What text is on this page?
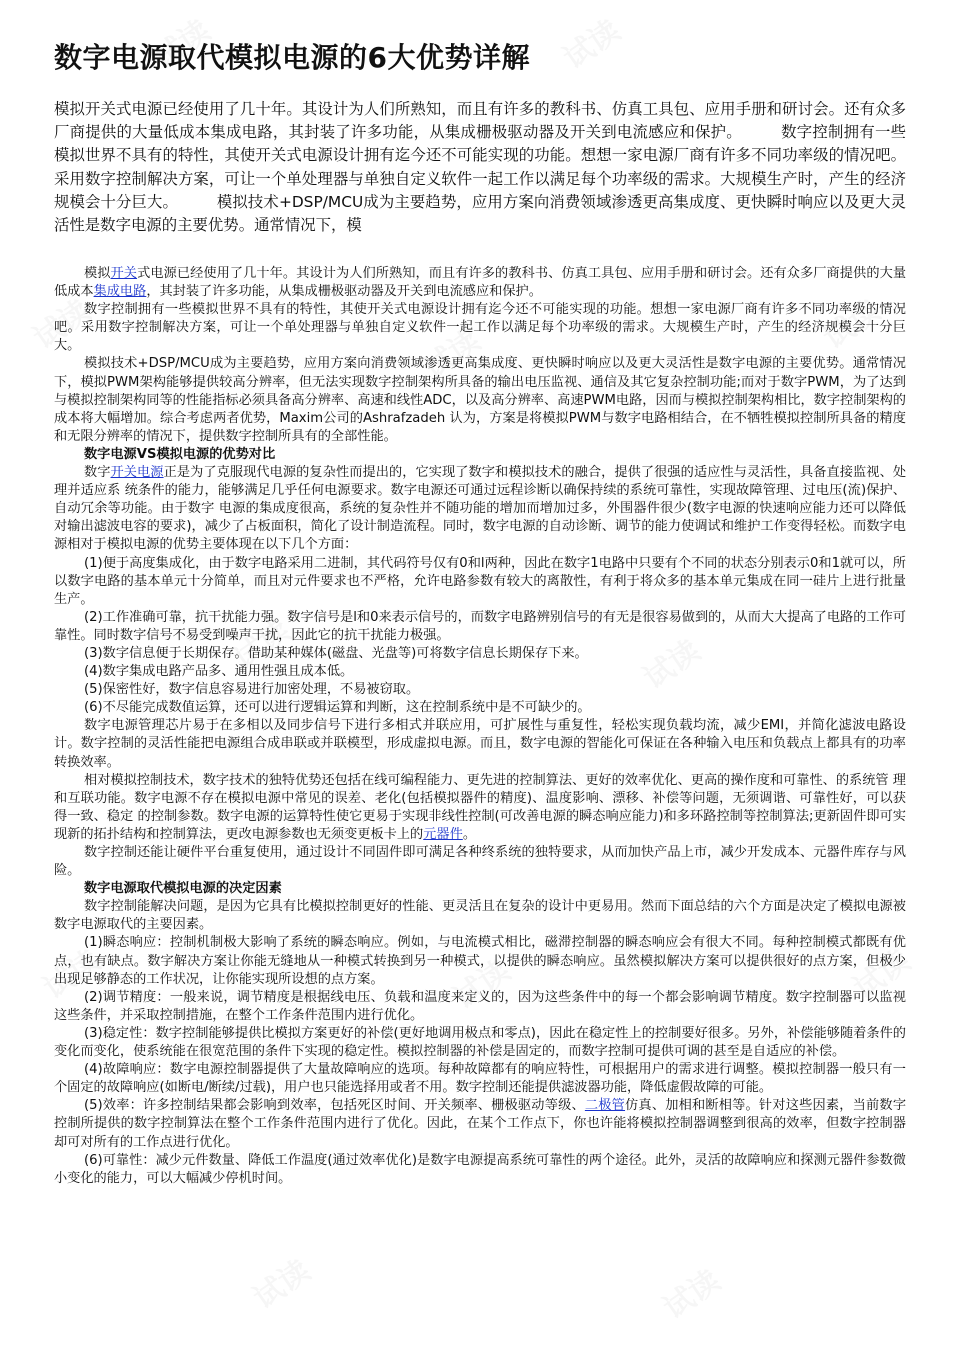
数字电源取代模拟电源的6大优势详解

模拟开关式电源已经使用了几十年。其设计为人们所熟知，而且有许多的教科书、仿真工具包、应用手册和研讨会。还有众多厂商提供的大量低成本集成电路，其封装了许多功能，从集成栅极驱动器及开关到电流感应和保护。　　　	数字控制拥有一些模拟世界不具有的特性，其使开关式电源设计拥有迄今还不可能实现的功能。想想一家电源厂商有许多不同功率级的情况吧。采用数字控制解决方案，可让一个单处理器与单独自定义软件一起工作以满足每个功率级的需求。大规模生产时，产生的经济规模会十分巨大。　　　	模拟技术+DSP/MCU成为主要趋势，应用方案向消费领域渗透更高集成度、更快瞬时响应以及更大灵活性是数字电源的主要优势。通常情况下，模

模拟开关式电源已经使用了几十年。其设计为人们所熟知，而且有许多的教科书、仿真工具包、应用手册和研讨会。还有众多厂商提供的大量低成本集成电路，其封装了许多功能，从集成栅极驱动器及开关到电流感应和保护。

数字控制拥有一些模拟世界不具有的特性，其使开关式电源设计拥有迄今还不可能实现的功能。想想一家电源厂商有许多不同功率级的情况吧。采用数字控制解决方案，可让一个单处理器与单独自定义软件一起工作以满足每个功率级的需求。大规模生产时，产生的经济规模会十分巨大。

模拟技术+DSP/MCU成为主要趋势，应用方案向消费领域渗透更高集成度、更快瞬时响应以及更大灵活性是数字电源的主要优势。通常情况下，模拟PWM架构能够提供较高分辨率，但无法实现数字控制架构所具备的输出电压监视、通信及其它复杂控制功能;而对于数字PWM，为了达到与模拟控制架构同等的性能指标必须具备高分辨率、高速和线性ADC，以及高分辨率、高速PWM电路，因而与模拟控制架构相比，数字控制架构的成本将大幅增加。综合考虑两者优势，Maxim公司的Ashrafzadeh 认为，方案是将模拟PWM与数字电路相结合，在不牺牲模拟控制所具备的精度和无限分辨率的情况下，提供数字控制所具有的全部性能。

数字电源VS模拟电源的优势对比

数字开关电源正是为了克服现代电源的复杂性而提出的，它实现了数字和模拟技术的融合，提供了很强的适应性与灵活性，具备直接监视、处理并适应系 统条件的能力，能够满足几乎任何电源要求。数字电源还可通过远程诊断以确保持续的系统可靠性，实现故障管理、过电压(流)保护、自动冗余等功能。由于数字 电源的集成度很高，系统的复杂性并不随功能的增加而增加过多，外围器件很少(数字电源的快速响应能力还可以降低对输出滤波电容的要求)，减少了占板面积，简化了设计制造流程。同时，数字电源的自动诊断、调节的能力使调试和维护工作变得轻松。而数字电源相对于模拟电源的优势主要体现在以下几个方面：

(1)便于高度集成化，由于数字电路采用二进制，其代码符号仅有0和l两种，因此在数字1电路中只要有个不同的状态分别表示0和1就可以，所以数字电路的基本单元十分简单，而且对元件要求也不严格，允许电路参数有较大的离散性，有利于将众多的基本单元集成在同一硅片上进行批量生产。

(2)工作准确可靠，抗干扰能力强。数字信号是l和0来表示信号的，而数字电路辨别信号的有无是很容易做到的，从而大大提高了电路的工作可靠性。同时数字信号不易受到噪声干扰，因此它的抗干扰能力极强。

(3)数字信息便于长期保存。借助某种媒体(磁盘、光盘等)可将数字信息长期保存下来。

(4)数字集成电路产品多、通用性强且成本低。

(5)保密性好，数字信息容易进行加密处理，不易被窃取。

(6)不尽能完成数值运算，还可以进行逻辑运算和判断，这在控制系统中是不可缺少的。

数字电源管理芯片易于在多相以及同步信号下进行多相式并联应用，可扩展性与重复性，轻松实现负载均流，减少EMI，并简化滤波电路设 计。数字控制的灵活性能把电源组合成串联或并联模型，形成虚拟电源。而且，数字电源的智能化可保证在各种输入电压和负载点上都具有的功率转换效率。

相对模拟控制技术，数字技术的独特优势还包括在线可编程能力、更先进的控制算法、更好的效率优化、更高的操作度和可靠性、的系统管 理和互联功能。数字电源不存在模拟电源中常见的误差、老化(包括模拟器件的精度)、温度影响、漂移、补偿等问题，无须调谐、可靠性好，可以获得一致、稳定 的控制参数。数字电源的运算特性使它更易于实现非线性控制(可改善电源的瞬态响应能力)和多环路控制等控制算法;更新固件即可实现新的拓扑结构和控制算法，更改电源参数也无须变更板卡上的元器件。

数字控制还能让硬件平台重复使用，通过设计不同固件即可满足各种终系统的独特要求，从而加快产品上市，减少开发成本、元器件库存与风险。

数字电源取代模拟电源的决定因素

数字控制能解决问题，是因为它具有比模拟控制更好的性能、更灵活且在复杂的设计中更易用。然而下面总结的六个方面是决定了模拟电源被数字电源取代的主要因素。

(1)瞬态响应：控制机制极大影响了系统的瞬态响应。例如，与电流模式相比，磁滞控制器的瞬态响应会有很大不同。每种控制模式都既有优点，也有缺点。数字解决方案让你能无缝地从一种模式转换到另一种模式，以提供的瞬态响应。虽然模拟解决方案可以提供很好的点方案，但极少出现足够静态的工作状况，让你能实现所设想的点方案。

(2)调节精度：一般来说，调节精度是根据线电压、负载和温度来定义的，因为这些条件中的每一个都会影响调节精度。数字控制器可以监视这些条件，并采取控制措施，在整个工作条件范围内进行优化。

(3)稳定性：数字控制能够提供比模拟方案更好的补偿(更好地调用极点和零点)，因此在稳定性上的控制要好很多。另外，补偿能够随着条件的变化而变化，使系统能在很宽范围的条件下实现的稳定性。模拟控制器的补偿是固定的，而数字控制可提供可调的甚至是自适应的补偿。

(4)故障响应：数字电源控制器提供了大量故障响应的选项。每种故障都有的响应特性，可根据用户的需求进行调整。模拟控制器一般只有一个固定的故障响应(如断电/断续/过载)，用户也只能选择用或者不用。数字控制还能提供滤波器功能，降低虚假故障的可能。

(5)效率：许多控制结果都会影响到效率，包括死区时间、开关频率、栅极驱动等级、二极管仿真、加相和断相等。针对这些因素，当前数字控制所提供的数字控制算法在整个工作条件范围内进行了优化。因此，在某个工作点下，你也许能将模拟控制器调整到很高的效率，但数字控制器却可对所有的工作点进行优化。

(6)可靠性：减少元件数量、降低工作温度(通过效率优化)是数字电源提高系统可靠性的两个途径。此外，灵活的故障响应和探测元器件参数微小变化的能力，可以大幅减少停机时间。
